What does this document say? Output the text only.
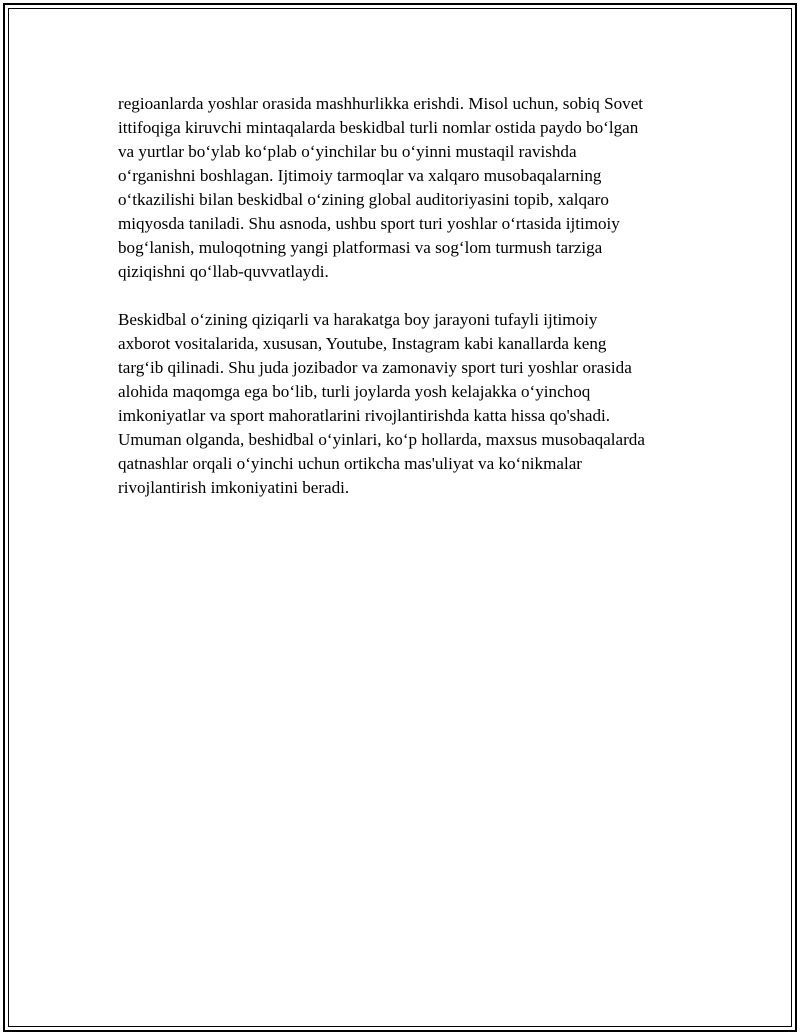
regioanlarda yoshlar orasida mashhurlikka erishdi. Misol uchun, sobiq Sovet
ittifoqiga kiruvchi mintaqalarda beskidbal turli nomlar ostida paydo bo‘lgan
va yurtlar bo‘ylab ko‘plab o‘yinchilar bu o‘yinni mustaqil ravishda
o‘rganishni boshlagan. Ijtimoiy tarmoqlar va xalqaro musobaqalarning
o‘tkazilishi bilan beskidbal o‘zining global auditoriyasini topib, xalqaro
miqyosda taniladi. Shu asnoda, ushbu sport turi yoshlar o‘rtasida ijtimoiy
bog‘lanish, muloqotning yangi platformasi va sog‘lom turmush tarziga
qiziqishni qo‘llab-quvvatlaydi.

Beskidbal o‘zining qiziqarli va harakatga boy jarayoni tufayli ijtimoiy
axborot vositalarida, xususan, Youtube, Instagram kabi kanallarda keng
targ‘ib qilinadi. Shu juda jozibador va zamonaviy sport turi yoshlar orasida
alohida maqomga ega bo‘lib, turli joylarda yosh kelajakka o‘yinchoq
imkoniyatlar va sport mahoratlarini rivojlantirishda katta hissa qo'shadi.
Umuman olganda, beshidbal o‘yinlari, ko‘p hollarda, maxsus musobaqalarda
qatnashlar orqali o‘yinchi uchun ortikcha mas'uliyat va ko‘nikmalar
rivojlantirish imkoniyatini beradi.
